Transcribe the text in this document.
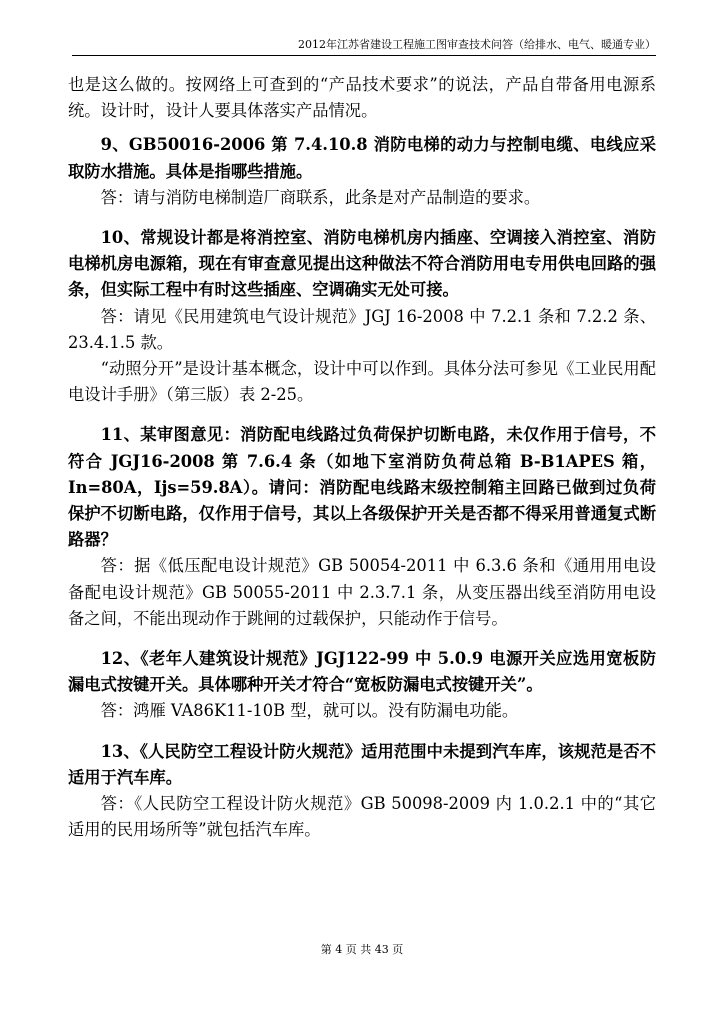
2012年江苏省建设工程施工图审查技术问答（给排水、电气、暖通专业）

也是这么做的。按网络上可查到的“产品技术要求”的说法，产品自带备用电源系统。设计时，设计人要具体落实产品情况。

9、GB50016-2006 第 7.4.10.8 消防电梯的动力与控制电缆、电线应采取防水措施。具体是指哪些措施。

答：请与消防电梯制造厂商联系，此条是对产品制造的要求。

10、常规设计都是将消控室、消防电梯机房内插座、空调接入消控室、消防电梯机房电源箱，现在有审查意见提出这种做法不符合消防用电专用供电回路的强条，但实际工程中有时这些插座、空调确实无处可接。

答：请见《民用建筑电气设计规范》JGJ 16-2008 中 7.2.1 条和 7.2.2 条、23.4.1.5 款。

“动照分开”是设计基本概念，设计中可以作到。具体分法可参见《工业民用配电设计手册》（第三版）表 2-25。

11、某审图意见：消防配电线路过负荷保护切断电路，未仅作用于信号，不符合 JGJ16-2008 第 7.6.4 条（如地下室消防负荷总箱 B-B1APES 箱，In=80A，Ijs=59.8A）。请问：消防配电线路末级控制箱主回路已做到过负荷保护不切断电路，仅作用于信号，其以上各级保护开关是否都不得采用普通复式断路器？

答：据《低压配电设计规范》GB 50054-2011 中 6.3.6 条和《通用用电设备配电设计规范》GB 50055-2011 中 2.3.7.1 条，从变压器出线至消防用电设备之间，不能出现动作于跳闸的过载保护，只能动作于信号。

12、《老年人建筑设计规范》JGJ122-99 中 5.0.9 电源开关应选用宽板防漏电式按键开关。具体哪种开关才符合“宽板防漏电式按键开关”。

答：鸿雁 VA86K11-10B 型，就可以。没有防漏电功能。

13、《人民防空工程设计防火规范》适用范围中未提到汽车库，该规范是否不适用于汽车库。

答：《人民防空工程设计防火规范》GB 50098-2009 内 1.0.2.1 中的“其它适用的民用场所等”就包括汽车库。

第 4 页 共 43 页
